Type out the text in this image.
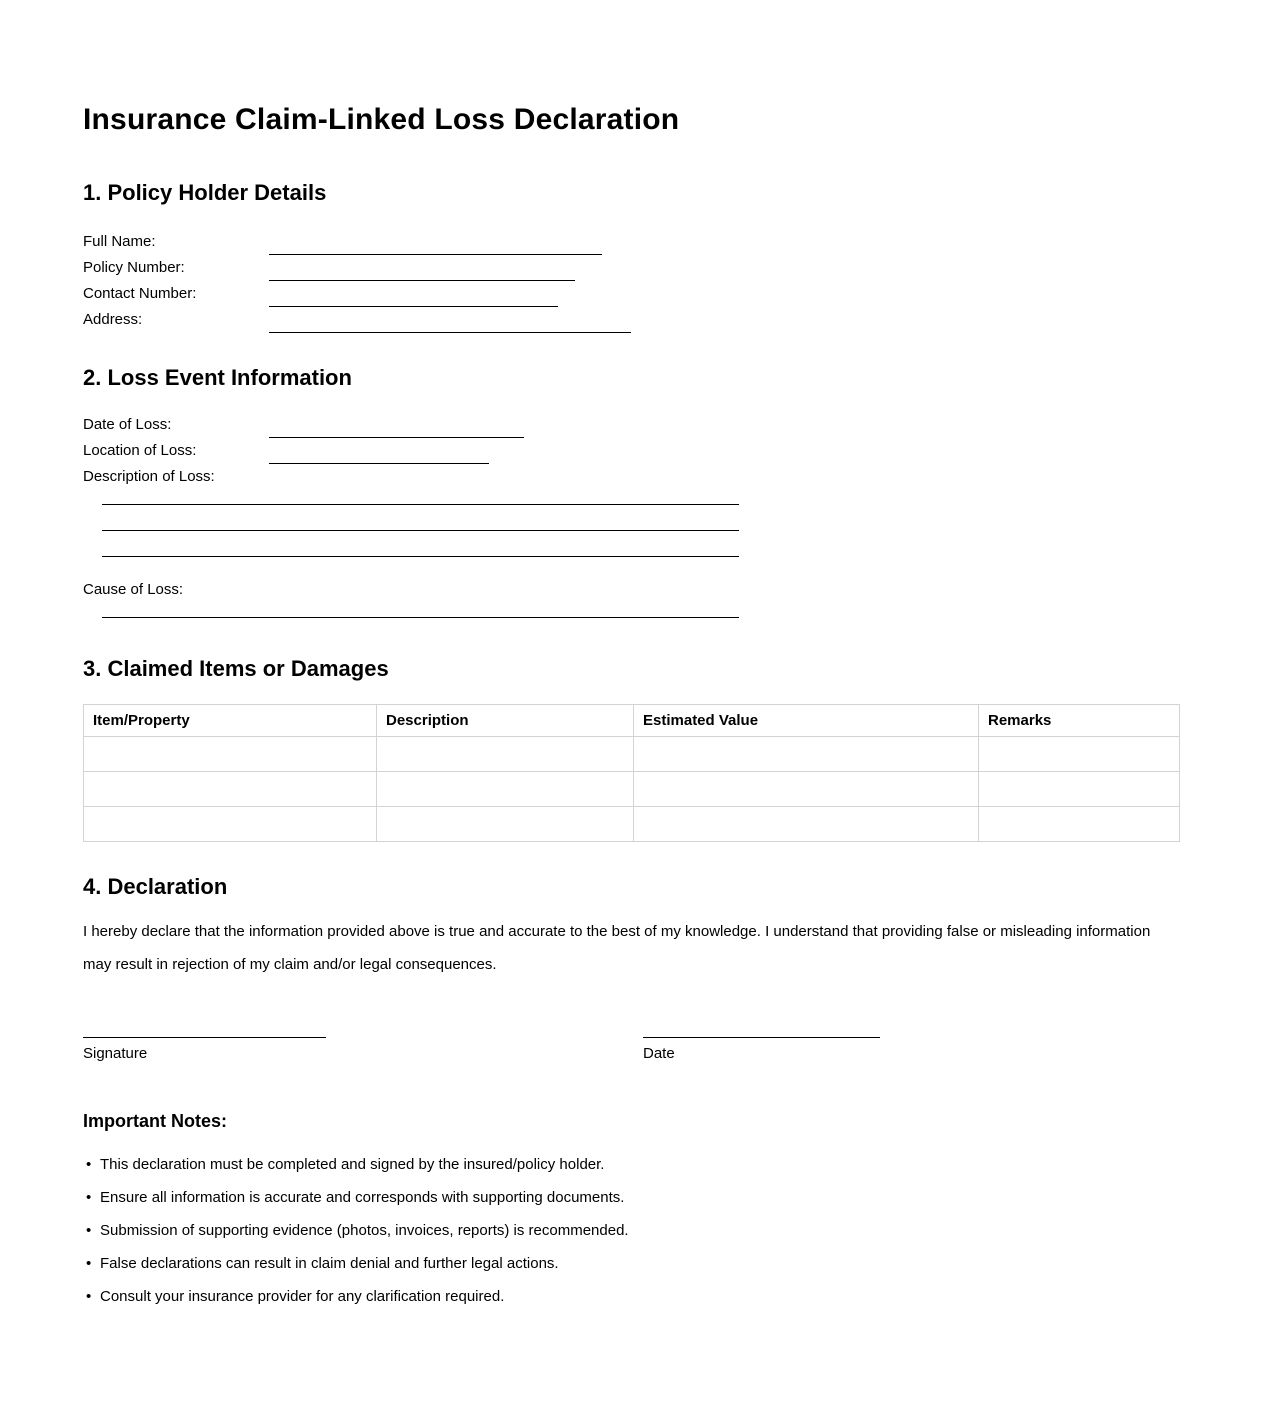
Insurance Claim-Linked Loss Declaration
1. Policy Holder Details
Full Name:
Policy Number:
Contact Number:
Address:
2. Loss Event Information
Date of Loss:
Location of Loss:
Description of Loss:
Cause of Loss:
3. Claimed Items or Damages
Item/Property	Description	Estimated Value	Remarks

4. Declaration

I hereby declare that the information provided above is true and accurate to the best of my knowledge. I understand that providing false or misleading information may result in rejection of my claim and/or legal consequences.

Signature	Date
Important Notes:
• This declaration must be completed and signed by the insured/policy holder.
• Ensure all information is accurate and corresponds with supporting documents.
• Submission of supporting evidence (photos, invoices, reports) is recommended.
• False declarations can result in claim denial and further legal actions.
• Consult your insurance provider for any clarification required.
